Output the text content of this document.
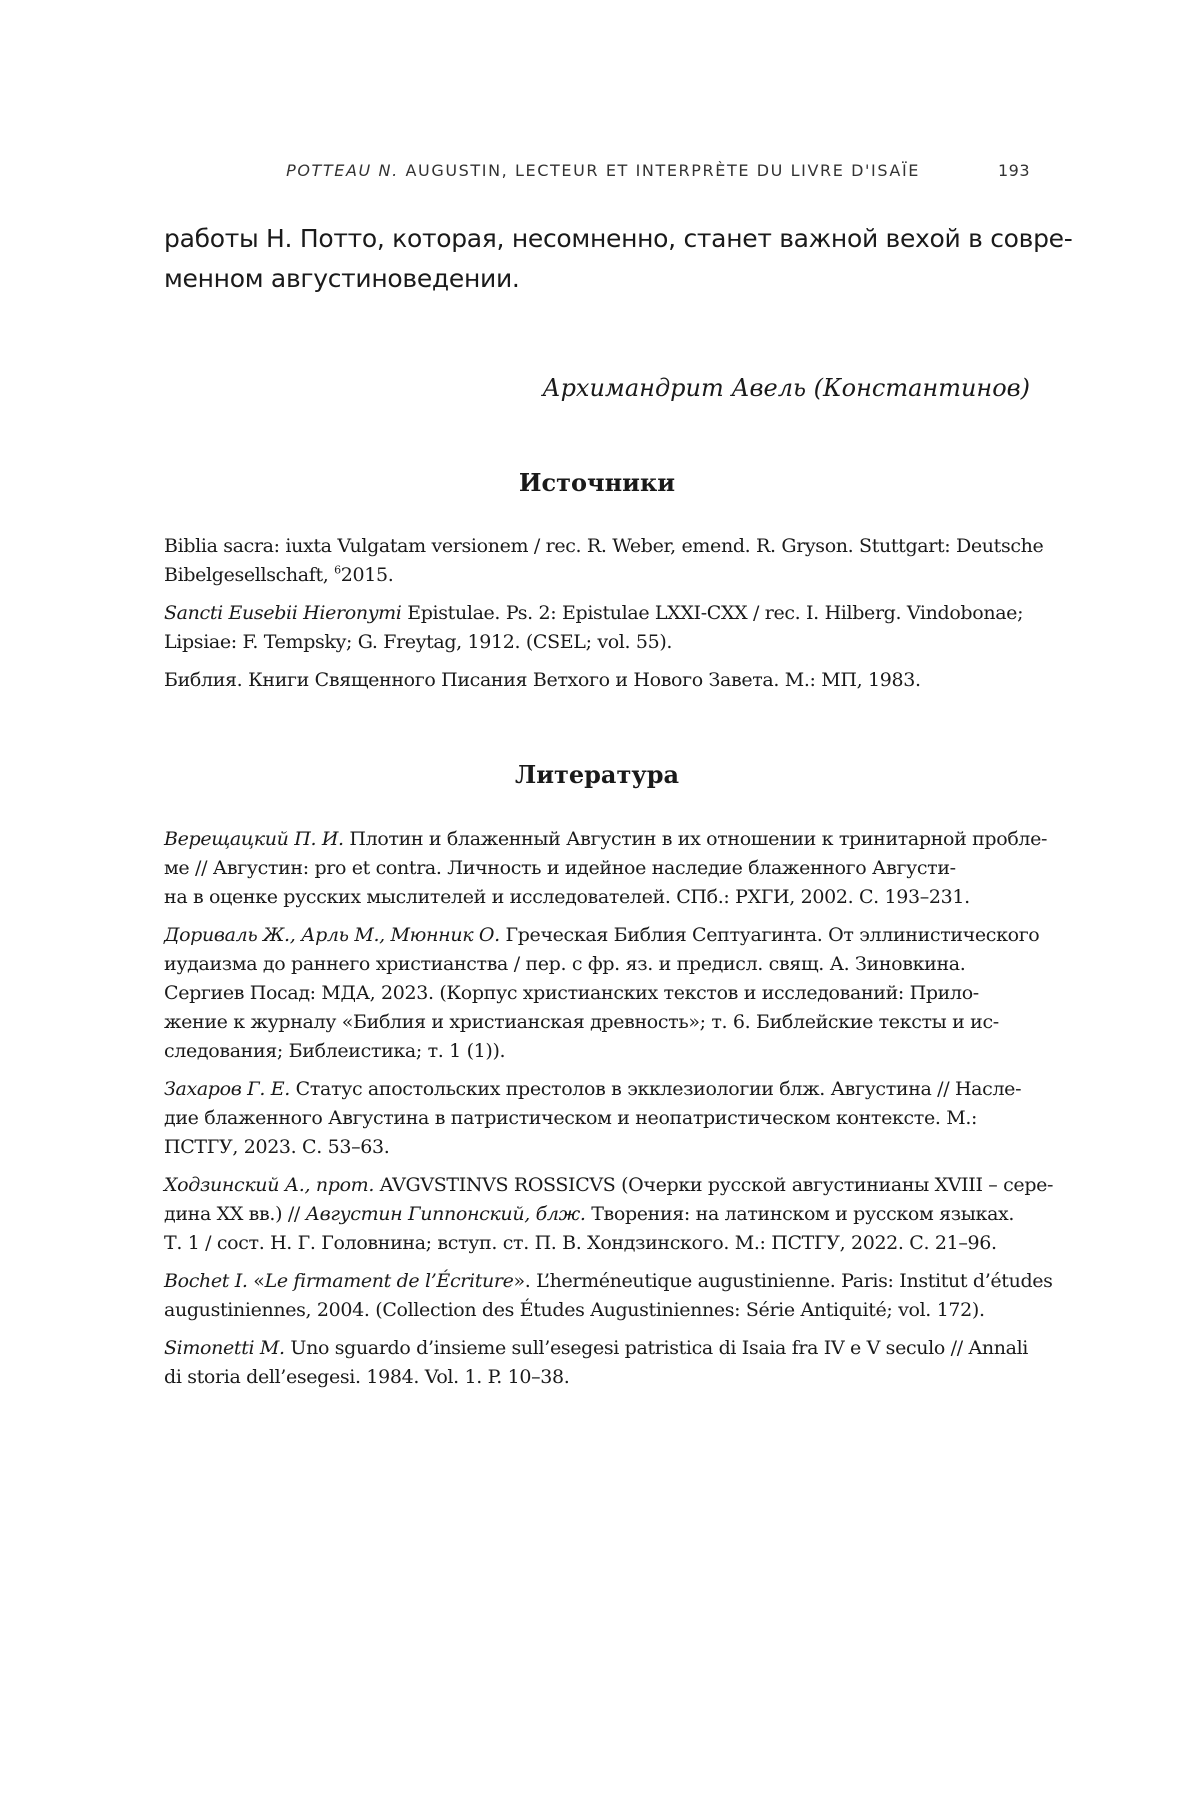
POTTEAU N. AUGUSTIN, LECTEUR ET INTERPRÈTE DU LIVRE D'ISAÏE	193
работы Н. Потто, которая, несомненно, станет важной вехой в совре-
менном августиноведении.
Архимандрит Авель (Константинов)
Источники
Biblia sacra: iuxta Vulgatam versionem / rec. R. Weber, emend. R. Gryson. Stuttgart: Deutsche
Bibelgesellschaft, $^6$2015.
Sancti Eusebii Hieronymi Epistulae. Ps. 2: Epistulae LXXI-CXX / rec. I. Hilberg. Vindobonae;
Lipsiae: F. Tempsky; G. Freytag, 1912. (CSEL; vol. 55).
Библия. Книги Священного Писания Ветхого и Нового Завета. М.: МП, 1983.
Литература
Верещацкий П. И. Плотин и блаженный Августин в их отношении к тринитарной пробле-
ме // Августин: pro et contra. Личность и идейное наследие блаженного Августи-
на в оценке русских мыслителей и исследователей. СПб.: РХГИ, 2002. С. 193–231.
Дориваль Ж., Арль М., Мюнник О. Греческая Библия Септуагинта. От эллинистического
иудаизма до раннего христианства / пер. с фр. яз. и предисл. свящ. А. Зиновкина.
Сергиев Посад: МДА, 2023. (Корпус христианских текстов и исследований: Прило-
жение к журналу «Библия и христианская древность»; т. 6. Библейские тексты и ис-
следования; Библеистика; т. 1 (1)).
Захаров Г. Е. Статус апостольских престолов в экклезиологии блж. Августина // Насле-
дие блаженного Августина в патристическом и неопатристическом контексте. М.:
ПСТГУ, 2023. С. 53–63.
Ходзинский А., прот. AVGVSTINVS ROSSICVS (Очерки русской августинианы XVIII – сере-
дина XX вв.) // Августин Гиппонский, блж. Творения: на латинском и русском языках.
Т. 1 / сост. Н. Г. Головнина; вступ. ст. П. В. Хондзинского. М.: ПСТГУ, 2022. С. 21–96.
Bochet I. «Le firmament de l’Écriture». L’herméneutique augustinienne. Paris: Institut d’études
augustiniennes, 2004. (Collection des Études Augustiniennes: Série Antiquité; vol. 172).
Simonetti M. Uno sguardo d’insieme sull’esegesi patristica di Isaia fra IV e V seculo // Annali
di storia dell’esegesi. 1984. Vol. 1. P. 10–38.
